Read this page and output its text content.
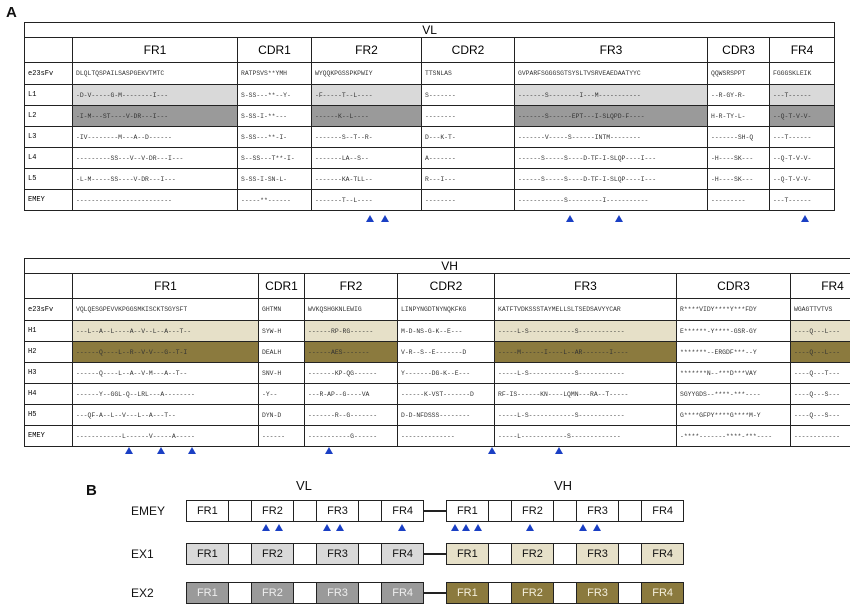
A
VL							
	FR1	CDR1	FR2	CDR2	FR3	CDR3	FR4
e23sFv	DLQLTQSPAILSASPGEKVTMTC	RATPSVS**YMH	WYQQKPGSSPKPWIY	TTSNLAS	GVPARFSGGGSGTSYSLTVSRVEAEDAATYYC	QQWSRSPPT	FGGGSKLEIK
L1	-D-V-----G-M--------I---	S-SS---**--Y-	-F-----T--L----	S-------	-------S--------I---M-----------	--R-GY-R-	---T------
L2	-I-M---ST----V-DR---I---	S-SS-I-**---	------K--L----	--------	-------S------EPT---I-SLQPD-F----	H-R-TY-L-	--Q-T-V-V-
L3	-IV--------M---A--D------	S-SS---**-I-	-------S--T--R-	D---K-T-	-------V-----S------INTM--------	-------SH-Q	---T------
L4	---------SS---V--V-DR---I---	S--SS---T**-I-	-------LA--S--	A-------	------S-----S----D-TF-I-SLQP----I---	-H----SK---	--Q-T-V-V-
L5	-L-M-----SS----V-DR---I---	S-SS-I-SN-L-	-------KA-TLL--	R---I---	------S-----S----D-TF-I-SLQP----I---	-H----SK---	--Q-T-V-V-
EMEY	-------------------------	-----**------	-------T--L----	--------	------------S---------I-----------	---------	---T------
VH							
	FR1	CDR1	FR2	CDR2	FR3	CDR3	FR4
e23sFv	VQLQESGPEVVKPGGSMKISCKTSGYSFT	GHTMN	WVKQSHGKNLEWIG	LINPYNGDTNYNQKFKG	KATFTVDKSSSTAYMELLSLTSEDSAVYYCAR	R****VIDY****Y***FDY	WGAGTTVTVS
H1	---L--A--L----A--V--L--A---T--	SYW-H	------RP-RG------	M-D-NS-G-K--E---	-----L-S------------S------------	E******-Y****-GSR-GY	----Q---L---
H2	------Q----L--R--V-V---G--T-I	DEALH	------AES-------	V-R--S--E-------D	-----M------I----L--AR-------I----	*******--ERGDF***--Y	----Q---L---
H3	------Q----L--A--V-M---A--T--	SNV-H	-------KP-QG------	Y-------DG-K--E---	-----L-S------------S------------	*******N--***D***VAY	----Q---T---
H4	------Y--GGL-Q--LRL---A--------	-Y--	---R-AP--G----VA	------K-VST-------D	RF-IS------KN----LQMN---RA--T-----	SGYYGDS--****-***----	----Q---S---
H5	---QF-A--L--V---L--A---T--	DYN-D	-------R--G-------	D-D-NFDSSS--------	-----L-S------------S------------	G****GFPY****G****M-Y	----Q---S---
EMEY	------------L------V-----A-----	------	-----------G------	--------------	-----L------------S-------------	-****-------****-***----	------------
B	VL	VH
EMEY	FR1	FR2	FR3	FR4	FR1	FR2	FR3	FR4
EX1	FR1	FR2	FR3	FR4	FR1	FR2	FR3	FR4
EX2	FR1	FR2	FR3	FR4	FR1	FR2	FR3	FR4
